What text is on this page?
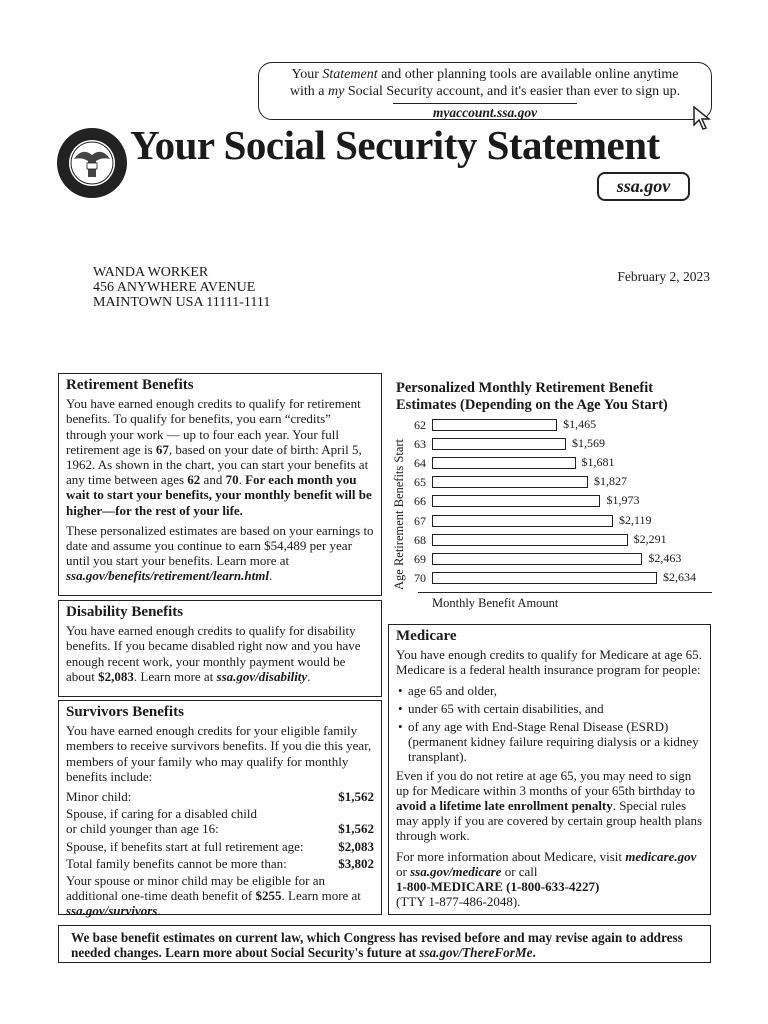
Your Statement and other planning tools are available online anytime
with a my Social Security account, and it's easier than ever to sign up.
myaccount.ssa.gov
Your Social Security Statement
ssa.gov
WANDA WORKER
456 ANYWHERE AVENUE
MAINTOWN USA 11111-1111
February 2, 2023
Retirement Benefits

You have earned enough credits to qualify for retirement benefits. To qualify for benefits, you earn “credits” through your work — up to four each year. Your full retirement age is 67, based on your date of birth: April 5, 1962. As shown in the chart, you can start your benefits at any time between ages 62 and 70. For each month you wait to start your benefits, your monthly benefit will be higher—for the rest of your life.

These personalized estimates are based on your earnings to date and assume you continue to earn $54,489 per year until you start your benefits. Learn more at ssa.gov/benefits/retirement/learn.html.

Disability Benefits

You have earned enough credits to qualify for disability benefits. If you became disabled right now and you have enough recent work, your monthly payment would be about $2,083. Learn more at ssa.gov/disability.

Survivors Benefits

You have earned enough credits for your eligible family members to receive survivors benefits. If you die this year, members of your family who may qualify for monthly benefits include:

Minor child:	$1,562
Spouse, if caring for a disabled child or child younger than age 16:	$1,562
Spouse, if benefits start at full retirement age:	$2,083
Total family benefits cannot be more than:	$3,802

Your spouse or minor child may be eligible for an additional one-time death benefit of $255. Learn more at ssa.gov/survivors.

Personalized Monthly Retirement Benefit Estimates (Depending on the Age You Start)
Age Retirement Benefits Start
Monthly Benefit Amount
62	$1,465
63	$1,569
64	$1,681
65	$1,827
66	$1,973
67	$2,119
68	$2,291
69	$2,463
70	$2,634
Medicare

You have enough credits to qualify for Medicare at age 65. Medicare is a federal health insurance program for people:

• age 65 and older,
• under 65 with certain disabilities, and
• of any age with End-Stage Renal Disease (ESRD) (permanent kidney failure requiring dialysis or a kidney transplant).

Even if you do not retire at age 65, you may need to sign up for Medicare within 3 months of your 65th birthday to avoid a lifetime late enrollment penalty. Special rules may apply if you are covered by certain group health plans through work.

For more information about Medicare, visit medicare.gov or ssa.gov/medicare or call
1-800-MEDICARE (1-800-633-4227)
(TTY 1-877-486-2048).

We base benefit estimates on current law, which Congress has revised before and may revise again to address needed changes. Learn more about Social Security's future at ssa.gov/ThereForMe.
